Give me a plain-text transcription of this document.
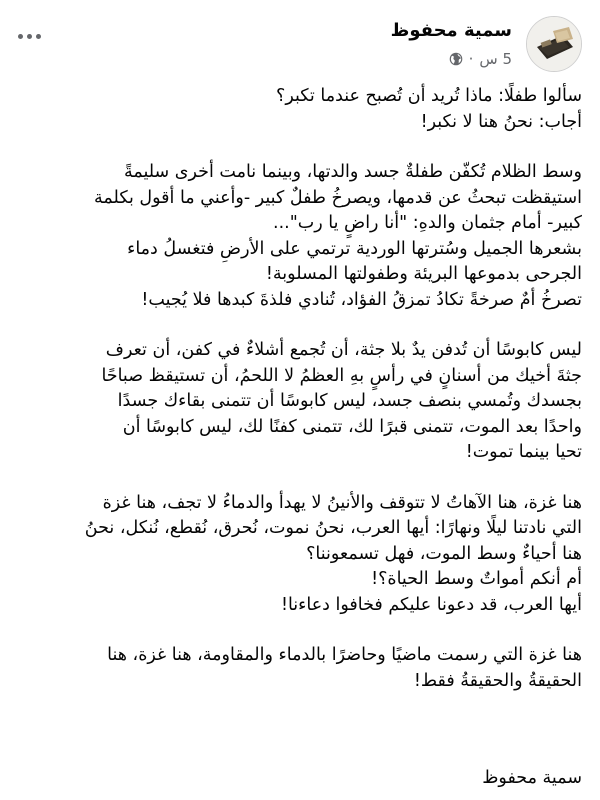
سمية محفوظ
5 س
·

سألوا طفلًا: ماذا تُريد أن تُصبح عندما تكبر؟
أجاب: نحنُ هنا لا نكبر!

وسط الظلام تُكفّن طفلةٌ جسد والدتها، وبينما نامت أخرى سليمةً
استيقظت تبحثُ عن قدمها، ويصرخُ طفلٌ كبير -وأعني ما أقول بكلمة
كبير- أمام جثمان والدهِ: "أنا راضٍ يا رب"...
بشعرها الجميل وسُترتها الوردية ترتمي على الأرضِ فتغسلُ دماء
الجرحى بدموعها البريئة وطفولتها المسلوبة!
تصرخُ أمٌ صرخةً تكادُ تمزقُ الفؤاد، تُنادي فلذةَ كبدها فلا يُجيب!

ليس كابوسًا أن تُدفن يدٌ بلا جثة، أن تُجمع أشلاءٌ في كفن، أن تعرف
جثةَ أخيك من أسنانٍ في رأسٍ بهِ العظمُ لا اللحمُ، أن تستيقظ صباحًا
بجسدك وتُمسي بنصف جسد، ليس كابوسًا أن تتمنى بقاءك جسدًا
واحدًا بعد الموت، تتمنى قبرًا لك، تتمنى كفنًا لك، ليس كابوسًا أن
تحيا بينما تموت!

هنا غزة، هنا الآهاتُ لا تتوقف والأنينُ لا يهدأ والدماءُ لا تجف، هنا غزة
التي نادتنا ليلًا ونهارًا: أيها العرب، نحنُ نموت، نُحرق، نُقطع، نُنكل، نحنُ
هنا أحياءٌ وسط الموت، فهل تسمعوننا؟
أم أنكم أمواتٌ وسط الحياة؟!
أيها العرب، قد دعونا عليكم فخافوا دعاءنا!

هنا غزة التي رسمت ماضيًا وحاضرًا بالدماء والمقاومة، هنا غزة، هنا
الحقيقةُ والحقيقةُ فقط!

سمية محفوظ
